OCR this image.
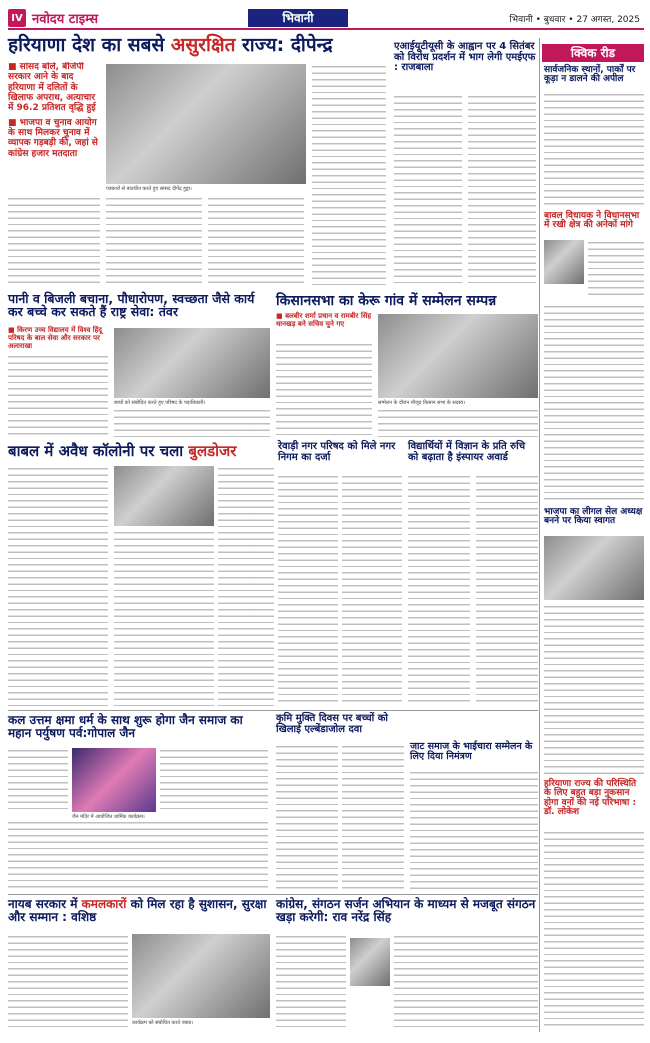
IV नवोदय टाइम्स	भिवानी	भिवानी • बुधवार • 27 अगस्त, 2025
हरियाणा देश का सबसे असुरक्षित राज्य: दीपेन्द्र
■ सांसद बोले, बीजेपी सरकार आने के बाद हरियाणा में दलितों के खिलाफ अपराध, अत्याचार में 96.2 प्रतिशत वृद्धि हुई
■ भाजपा व चुनाव आयोग के साथ मिलकर चुनाव में व्यापक गड़बड़ी की, जहां से कांग्रेस हजार मतदाता
पत्रकारों से बातचीत करते हुए सांसद दीपेंद्र हुड्डा।
एआईयूटीयूसी के आह्वान पर 4 सितंबर को विरोध प्रदर्शन में भाग लेगी एमईएफ : राजबाला
क्विक रीड
सार्वजनिक स्थानों, पार्कों पर कूड़ा न डालने की अपील
बावल विधायक ने विधानसभा में रखी क्षेत्र की अनेकों मांगे
भाजपा का लीगल सेल अध्यक्ष बनने पर किया स्वागत
हरियाणा राज्य की परिस्थिति के लिए बहुत बड़ा नुकसान होगा वनों की नई परिभाषा : डॉ. लोकेश
पानी व बिजली बचाना, पौधारोपण, स्वच्छता जैसे कार्य कर बच्चे कर सकते हैं राष्ट्र सेवा: तंवर
■ किरण उच्च विद्यालय में विश्व हिंदू परिषद के बाल सेवा और सरकार पर अलाराखा
बच्चों को संबोधित करते हुए परिषद के पदाधिकारी।
किसानसभा का केरू गांव में सम्मेलन सम्पन्न
■ बलबीर शर्मा प्रधान व रामबीर सिंह धानखड़ बने सचिव चुने गए
सम्मेलन के दौरान मौजूद किसान सभा के सदस्य।
बाबल में अवैध कॉलोनी पर चला बुलडोजर	रेवाड़ी नगर परिषद को मिले नगर निगम का दर्जा
विद्यार्थियों में विज्ञान के प्रति रुचि को बढ़ाता है इंस्पायर अवार्ड
कल उत्तम क्षमा धर्म के साथ शुरू होगा जैन समाज का महान पर्युषण पर्व:गोपाल जैन
जैन मंदिर में आयोजित धार्मिक कार्यक्रम।
कृमि मुक्ति दिवस पर बच्चों को खिलाई एल्बेंडाजोल दवा
जाट समाज के भाईचारा सम्मेलन के लिए दिया निमंत्रण
नायब सरकार में कमलकारों को मिल रहा है सुशासन, सुरक्षा और सम्मान : वशिष्ठ
कार्यक्रम को संबोधित करते वक्ता।
कांग्रेस, संगठन सर्जन अभियान के माध्यम से मजबूत संगठन खड़ा करेगी: राव नरेंद्र सिंह
